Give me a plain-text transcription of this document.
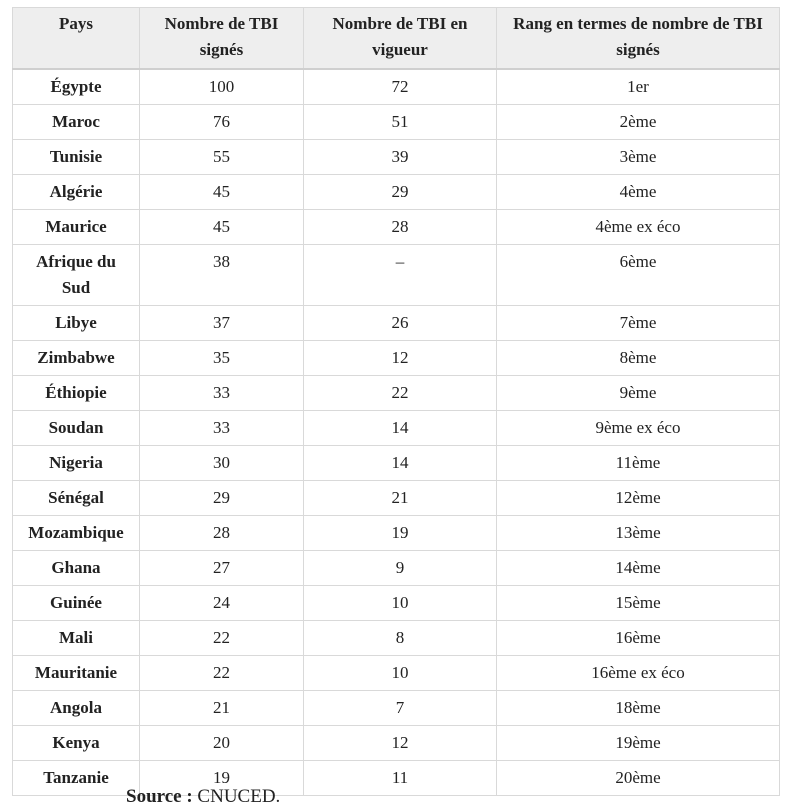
Pays	Nombre de TBI signés	Nombre de TBI en vigueur	Rang en termes de nombre de TBI signés
Égypte	100	72	1er
Maroc	76	51	2ème
Tunisie	55	39	3ème
Algérie	45	29	4ème
Maurice	45	28	4ème ex éco
Afrique du Sud	38	–	6ème
Libye	37	26	7ème
Zimbabwe	35	12	8ème
Éthiopie	33	22	9ème
Soudan	33	14	9ème ex éco
Nigeria	30	14	11ème
Sénégal	29	21	12ème
Mozambique	28	19	13ème
Ghana	27	9	14ème
Guinée	24	10	15ème
Mali	22	8	16ème
Mauritanie	22	10	16ème ex éco
Angola	21	7	18ème
Kenya	20	12	19ème
Tanzanie	19	11	20ème
Source : CNUCED.
